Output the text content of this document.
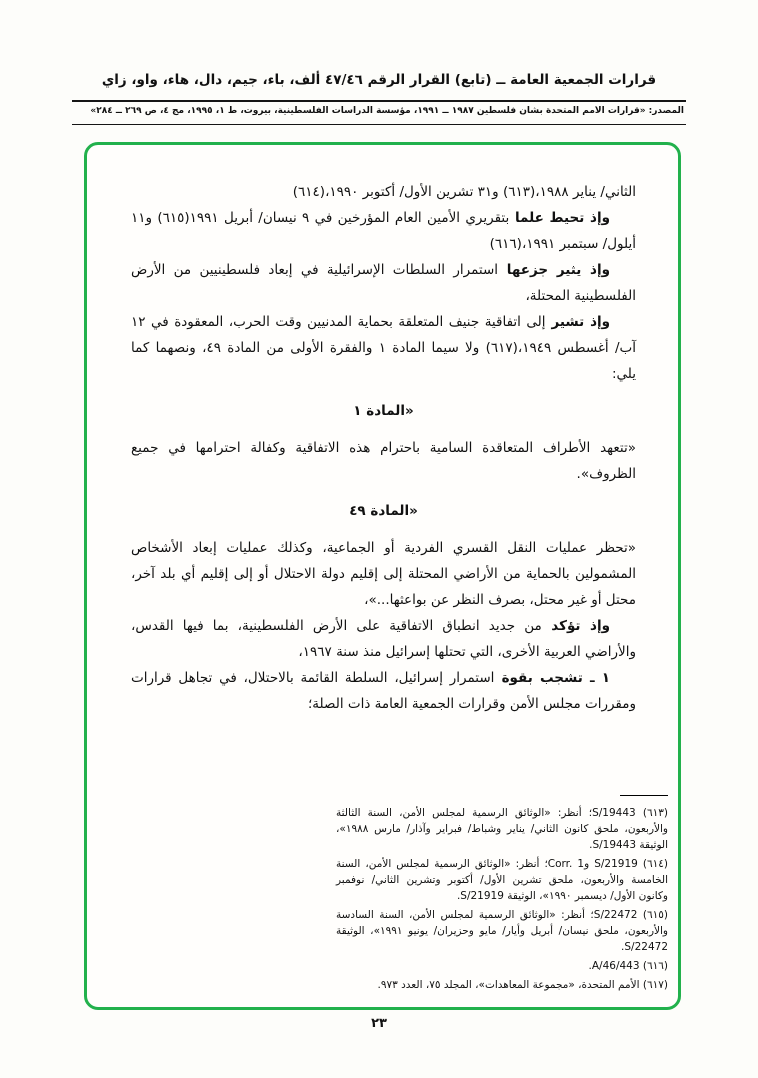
قرارات الجمعية العامة ــ (تابع) القرار الرقم ٤٧/٤٦ ألف، باء، جيم، دال، هاء، واو، زاي
المصدر: «قرارات الأمم المتحدة بشأن فلسطين ١٩٨٧ ــ ١٩٩١، مؤسسة الدراسات الفلسطينية، بيروت، ط ١، ١٩٩٥، مج ٤، ص ٢٦٩ ــ ٢٨٤»

الثاني/ يناير ١٩٨٨،(٦١٣) و٣١ تشرين الأول/ أكتوبر ١٩٩٠،(٦١٤)

وإذ تحيط علما بتقريري الأمين العام المؤرخين في ٩ نيسان/ أبريل ١٩٩١(٦١٥) و١١ أيلول/ سبتمبر ١٩٩١،(٦١٦)

وإذ يثير جزعها استمرار السلطات الإسرائيلية في إبعاد فلسطينيين من الأرض الفلسطينية المحتلة،

وإذ تشير إلى اتفاقية جنيف المتعلقة بحماية المدنيين وقت الحرب، المعقودة في ١٢ آب/ أغسطس ١٩٤٩،(٦١٧) ولا سيما المادة ١ والفقرة الأولى من المادة ٤٩، ونصهما كما يلي:

«المادة ١

«تتعهد الأطراف المتعاقدة السامية باحترام هذه الاتفاقية وكفالة احترامها في جميع الظروف».

«المادة ٤٩

«تحظر عمليات النقل القسري الفردية أو الجماعية، وكذلك عمليات إبعاد الأشخاص المشمولين بالحماية من الأراضي المحتلة إلى إقليم دولة الاحتلال أو إلى إقليم أي بلد آخر، محتل أو غير محتل، بصرف النظر عن بواعثها...»،

وإذ تؤكد من جديد انطباق الاتفاقية على الأرض الفلسطينية، بما فيها القدس، والأراضي العربية الأخرى، التي تحتلها إسرائيل منذ سنة ١٩٦٧،

١ ـ تشجب بقوة استمرار إسرائيل، السلطة القائمة بالاحتلال، في تجاهل قرارات ومقررات مجلس الأمن وقرارات الجمعية العامة ذات الصلة؛

(٦١٣) S/19443؛ أنظر: «الوثائق الرسمية لمجلس الأمن، السنة الثالثة والأربعون، ملحق كانون الثاني/ يناير وشباط/ فبراير وآذار/ مارس ١٩٨٨»، الوثيقة S/19443.

(٦١٤) S/21919 وCorr. 1؛ أنظر: «الوثائق الرسمية لمجلس الأمن، السنة الخامسة والأربعون، ملحق تشرين الأول/ أكتوبر وتشرين الثاني/ نوفمبر وكانون الأول/ ديسمبر ١٩٩٠»، الوثيقة S/21919.

(٦١٥) S/22472؛ أنظر: «الوثائق الرسمية لمجلس الأمن، السنة السادسة والأربعون، ملحق نيسان/ أبريل وأيار/ مايو وحزيران/ يونيو ١٩٩١»، الوثيقة S/22472.

(٦١٦) A/46/443.

(٦١٧) الأمم المتحدة، «مجموعة المعاهدات»، المجلد ٧٥، العدد ٩٧٣.

٢٣
